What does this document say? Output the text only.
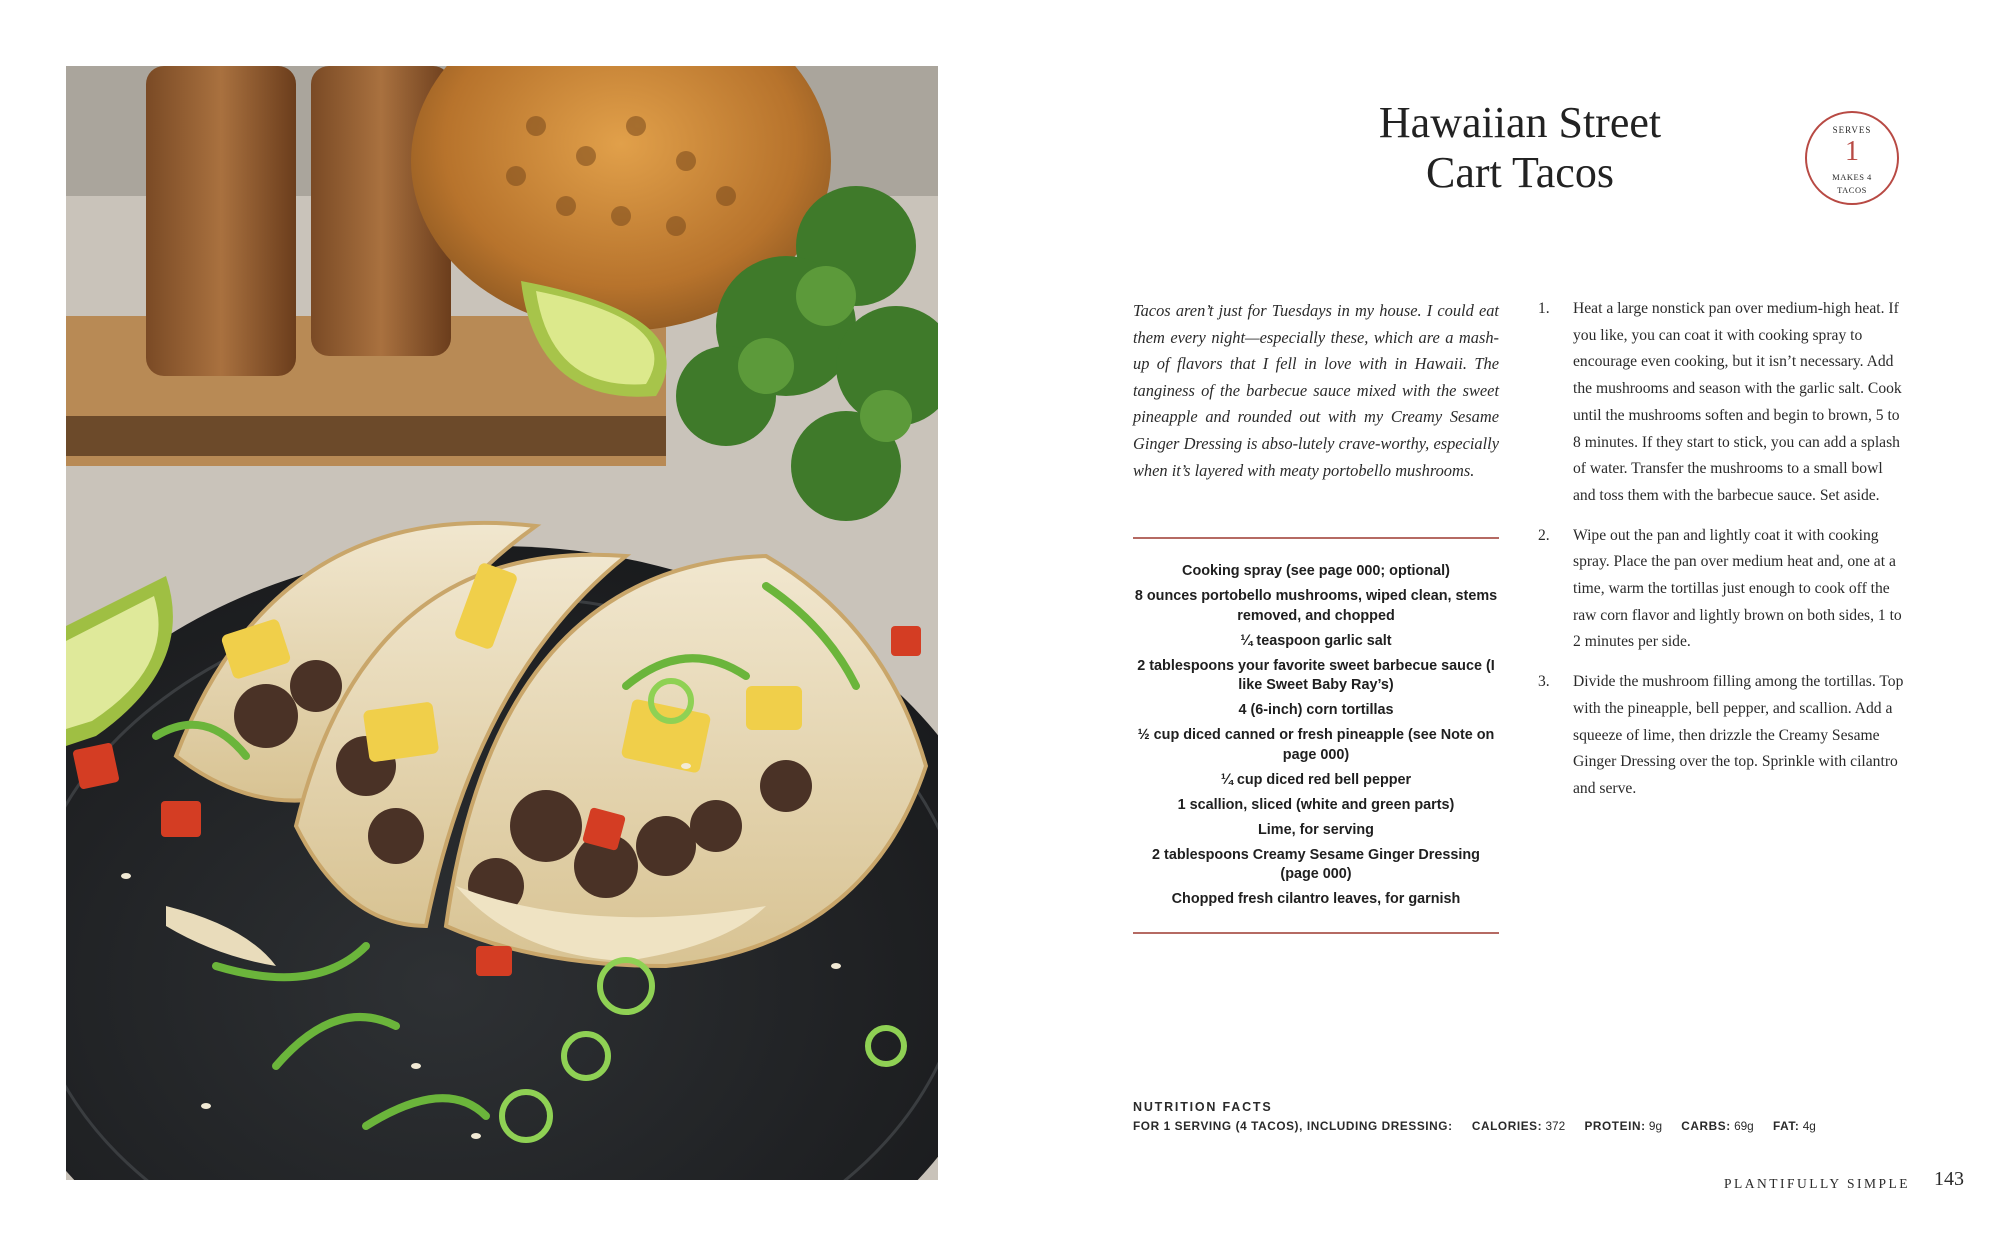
Hawaiian Street
Cart Tacos
SERVES
1
MAKES 4 TACOS

Tacos aren’t just for Tuesdays in my house. I could eat them every night—especially these, which are a mash-up of flavors that I fell in love with in Hawaii. The tanginess of the barbecue sauce mixed with the sweet pineapple and rounded out with my Creamy Sesame Ginger Dressing is abso-lutely crave-worthy, especially when it’s layered with meaty portobello mushrooms.

Cooking spray (see page 000; optional)
8 ounces portobello mushrooms, wiped clean, stems removed, and chopped
¼ teaspoon garlic salt
2 tablespoons your favorite sweet barbecue sauce (I like Sweet Baby Ray’s)
4 (6-inch) corn tortillas
½ cup diced canned or fresh pineapple (see Note on page 000)
¼ cup diced red bell pepper
1 scallion, sliced (white and green parts)
Lime, for serving
2 tablespoons Creamy Sesame Ginger Dressing (page 000)
Chopped fresh cilantro leaves, for garnish
1. Heat a large nonstick pan over medium-high heat. If you like, you can coat it with cooking spray to encourage even cooking, but it isn’t necessary. Add the mushrooms and season with the garlic salt. Cook until the mushrooms soften and begin to brown, 5 to 8 minutes. If they start to stick, you can add a splash of water. Transfer the mushrooms to a small bowl and toss them with the barbecue sauce. Set aside.
2. Wipe out the pan and lightly coat it with cooking spray. Place the pan over medium heat and, one at a time, warm the tortillas just enough to cook off the raw corn flavor and lightly brown on both sides, 1 to 2 minutes per side.
3. Divide the mushroom filling among the tortillas. Top with the pineapple, bell pepper, and scallion. Add a squeeze of lime, then drizzle the Creamy Sesame Ginger Dressing over the top. Sprinkle with cilantro and serve.
NUTRITION FACTS
FOR 1 SERVING (4 TACOS), INCLUDING DRESSING: CALORIES: 372 PROTEIN: 9g CARBS: 69g FAT: 4g
PLANTIFULLY SIMPLE 143
